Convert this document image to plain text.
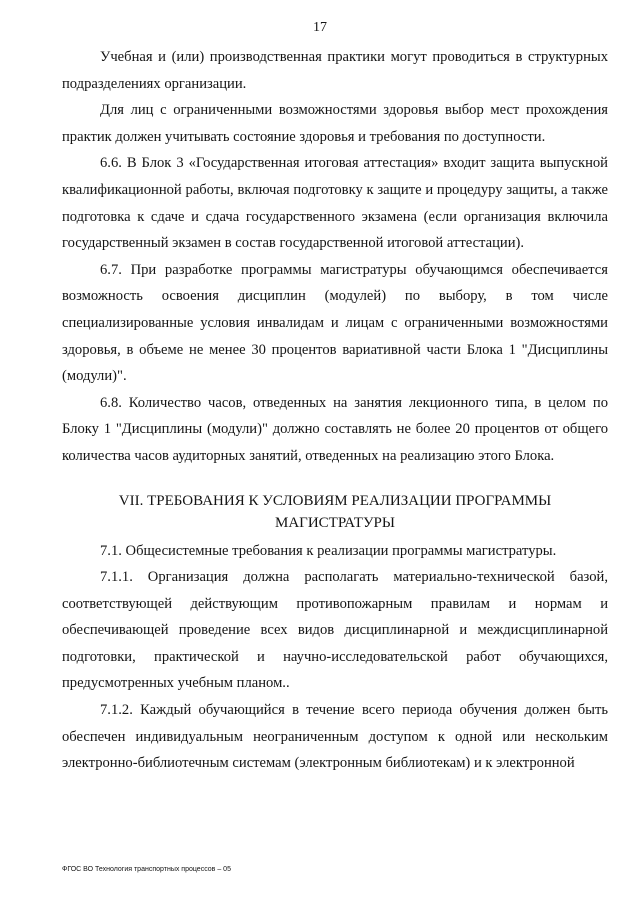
17

Учебная и (или) производственная практики могут проводиться в структурных подразделениях организации.

Для лиц с ограниченными возможностями здоровья выбор мест прохождения практик должен учитывать состояние здоровья и требования по доступности.

6.6. В Блок 3 «Государственная итоговая аттестация» входит защита выпускной квалификационной работы, включая подготовку к защите и процедуру защиты, а также подготовка к сдаче и сдача государственного экзамена (если организация включила государственный экзамен в состав государственной итоговой аттестации).

6.7. При разработке программы магистратуры обучающимся обеспечивается возможность освоения дисциплин (модулей) по выбору, в том числе специализированные условия инвалидам и лицам с ограниченными возможностями здоровья, в объеме не менее 30 процентов вариативной части Блока 1 "Дисциплины (модули)".

6.8. Количество часов, отведенных на занятия лекционного типа, в целом по Блоку 1 "Дисциплины (модули)" должно составлять не более 20 процентов от общего количества часов аудиторных занятий, отведенных на реализацию этого Блока.

VII. ТРЕБОВАНИЯ К УСЛОВИЯМ РЕАЛИЗАЦИИ ПРОГРАММЫ МАГИСТРАТУРЫ

7.1. Общесистемные требования к реализации программы магистратуры.

7.1.1. Организация должна располагать материально-технической базой, соответствующей действующим противопожарным правилам и нормам и обеспечивающей проведение всех видов дисциплинарной и междисциплинарной подготовки, практической и научно-исследовательской работ обучающихся, предусмотренных учебным планом..

7.1.2. Каждый обучающийся в течение всего периода обучения должен быть обеспечен индивидуальным неограниченным доступом к одной или нескольким электронно-библиотечным системам (электронным библиотекам) и к электронной

ФГОС ВО Технология транспортных процессов – 05
